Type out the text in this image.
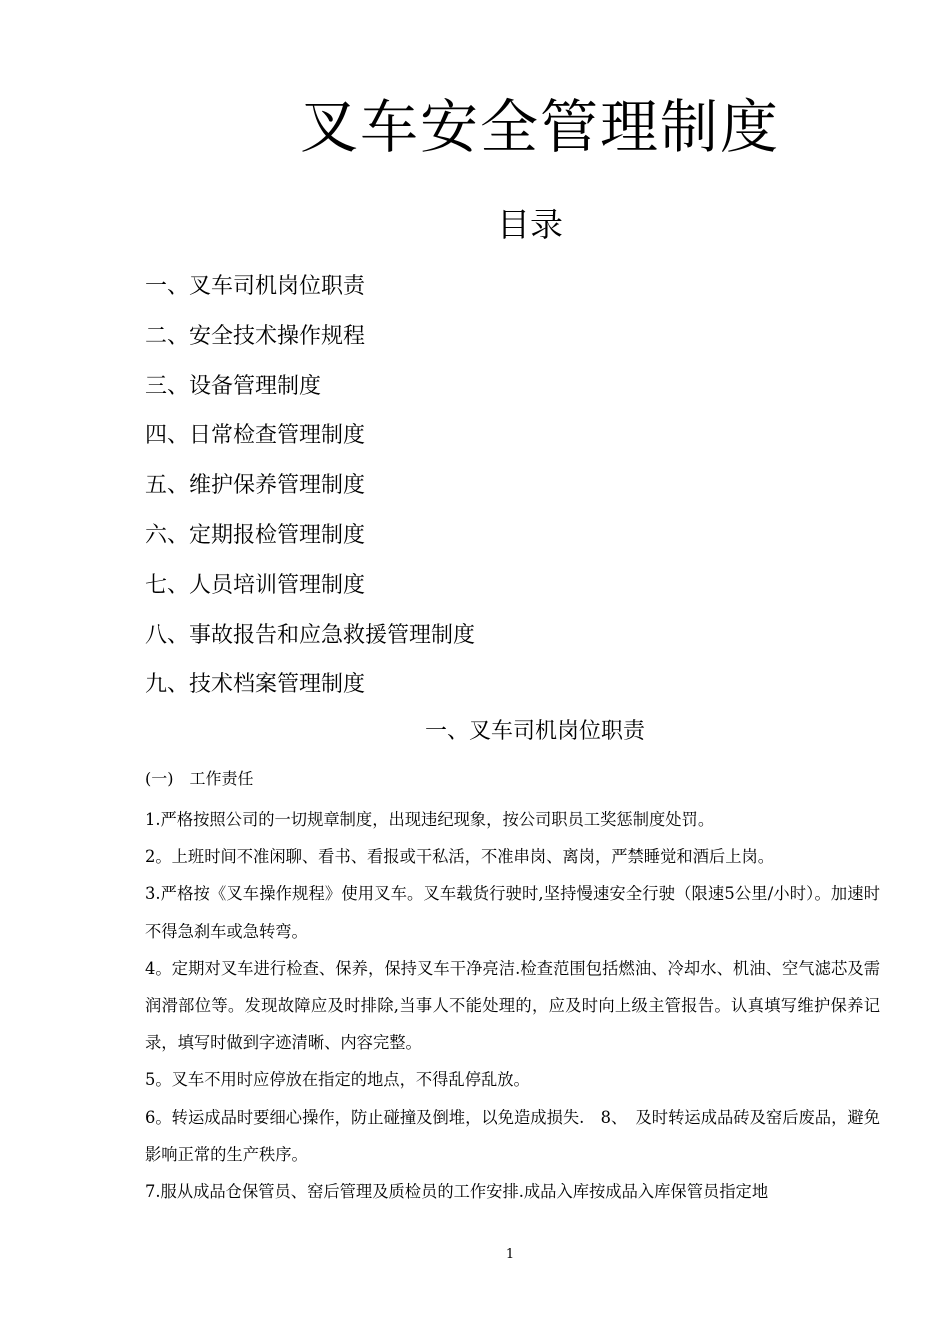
叉车安全管理制度
目录
一、叉车司机岗位职责
二、安全技术操作规程
三、设备管理制度
四、日常检查管理制度
五、维护保养管理制度
六、定期报检管理制度
七、人员培训管理制度
八、事故报告和应急救援管理制度
九、技术档案管理制度
一、叉车司机岗位职责
(一)　工作责任

1.严格按照公司的一切规章制度，出现违纪现象，按公司职员工奖惩制度处罚。

2。上班时间不准闲聊、看书、看报或干私活，不准串岗、离岗，严禁睡觉和酒后上岗。

3.严格按《叉车操作规程》使用叉车。叉车载货行驶时,坚持慢速安全行驶（限速5公里/小时）。加速时不得急刹车或急转弯。

4。定期对叉车进行检查、保养，保持叉车干净亮洁.检查范围包括燃油、冷却水、机油、空气滤芯及需润滑部位等。发现故障应及时排除,当事人不能处理的，应及时向上级主管报告。认真填写维护保养记录，填写时做到字迹清晰、内容完整。

5。叉车不用时应停放在指定的地点，不得乱停乱放。

6。转运成品时要细心操作，防止碰撞及倒堆，以免造成损失.　8、　及时转运成品砖及窑后废品，避免影响正常的生产秩序。

7.服从成品仓保管员、窑后管理及质检员的工作安排.成品入库按成品入库保管员指定地

1
